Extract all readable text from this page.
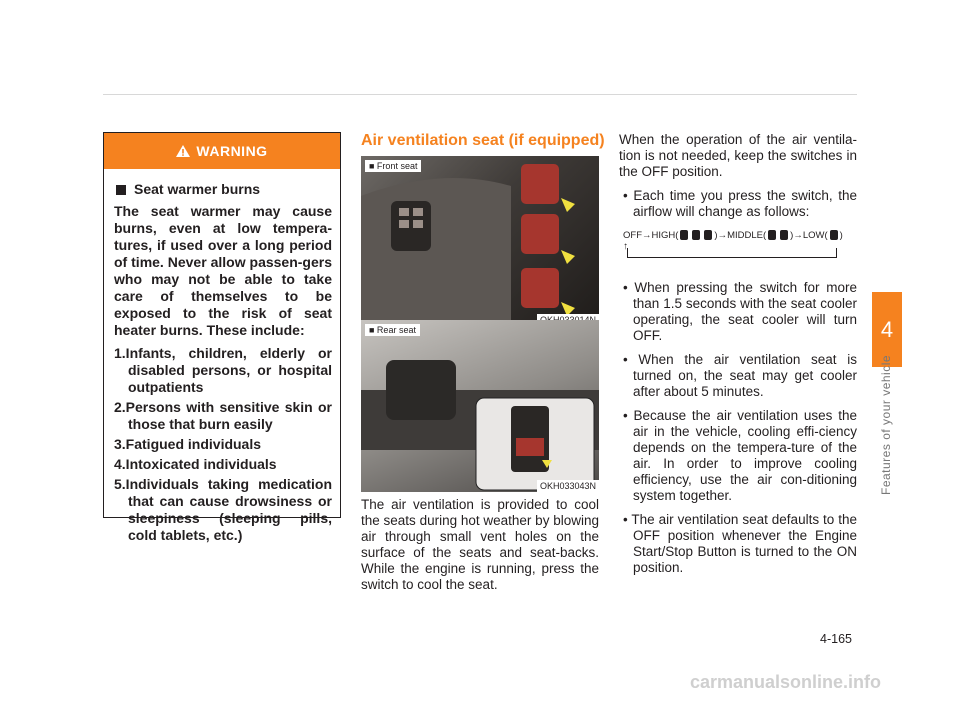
4
Features of your vehicle
WARNING
Seat warmer burns
The seat warmer may cause burns, even at low tempera-tures, if used over a long period of time. Never allow passen-gers who may not be able to take care of themselves to be exposed to the risk of seat heater burns. These include:
1.Infants, children, elderly or disabled persons, or hospital outpatients
2.Persons with sensitive skin or those that burn easily
3.Fatigued individuals
4.Intoxicated individuals
5.Individuals taking medication that can cause drowsiness or sleepiness (sleeping pills, cold tablets, etc.)
Air ventilation seat (if equipped)
■ Front seat
■ Rear seat
OKH033043N
The air ventilation is provided to cool the seats during hot weather by blowing air through small vent holes on the surface of the seats and seat-backs. While the engine is running, press the switch to cool the seat.

When the operation of the air ventila-tion is not needed, keep the switches in the OFF position.

• Each time you press the switch, the airflow will change as follows:
OFF→HIGH(	)→MIDDLE(	)→LOW( )
↑
• When pressing the switch for more than 1.5 seconds with the seat cooler operating, the seat cooler will turn OFF.
• When the air ventilation seat is turned on, the seat may get cooler after about 5 minutes.
• Because the air ventilation uses the air in the vehicle, cooling effi-ciency depends on the tempera-ture of the air. In order to improve cooling efficiency, use the air con-ditioning system together.
• The air ventilation seat defaults to the OFF position whenever the Engine Start/Stop Button is turned to the ON position.
4-165
carmanualsonline.info
